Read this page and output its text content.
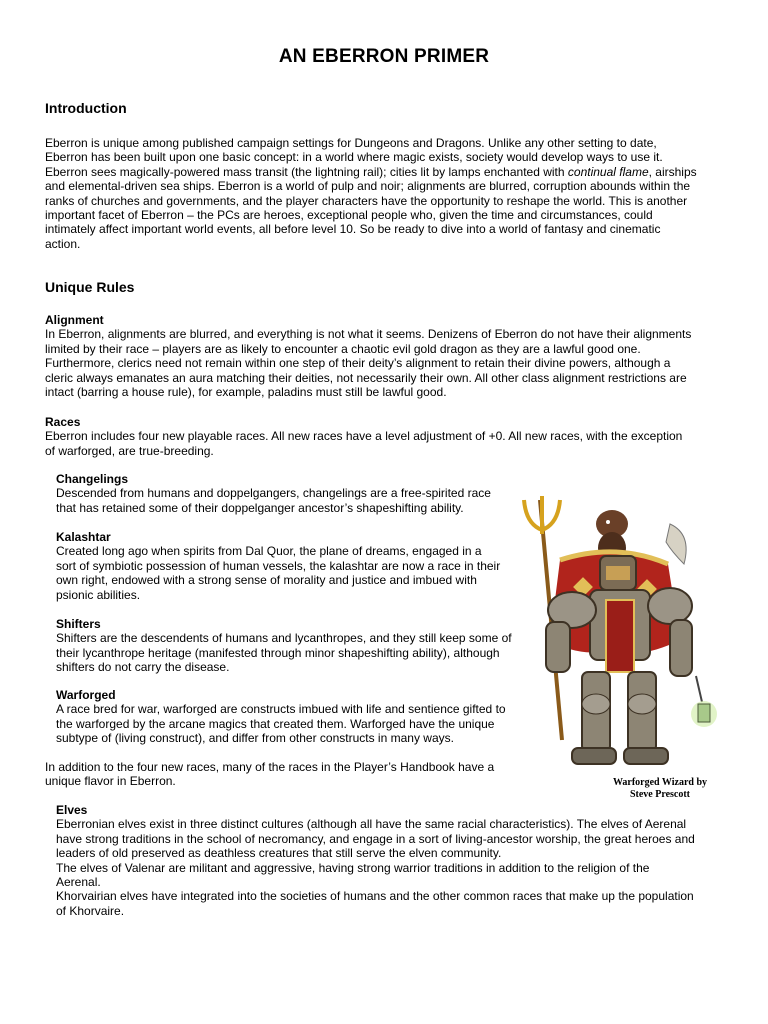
AN EBERRON PRIMER
Introduction
Eberron is unique among published campaign settings for Dungeons and Dragons. Unlike any other setting to date,
Eberron has been built upon one basic concept: in a world where magic exists, society would develop ways to use it.
Eberron sees magically-powered mass transit (the lightning rail); cities lit by lamps enchanted with continual flame, airships
and elemental-driven sea ships. Eberron is a world of pulp and noir; alignments are blurred, corruption abounds within the
ranks of churches and governments, and the player characters have the opportunity to reshape the world. This is another
important facet of Eberron – the PCs are heroes, exceptional people who, given the time and circumstances, could
intimately affect important world events, all before level 10. So be ready to dive into a world of fantasy and cinematic
action.
Unique Rules
Alignment
In Eberron, alignments are blurred, and everything is not what it seems. Denizens of Eberron do not have their alignments
limited by their race – players are as likely to encounter a chaotic evil gold dragon as they are a lawful good one.
Furthermore, clerics need not remain within one step of their deity’s alignment to retain their divine powers, although a
cleric always emanates an aura matching their deities, not necessarily their own. All other class alignment restrictions are
intact (barring a house rule), for example, paladins must still be lawful good.
Races
Eberron includes four new playable races. All new races have a level adjustment of +0. All new races, with the exception
of warforged, are true-breeding.
Changelings
Descended from humans and doppelgangers, changelings are a free-spirited race
that has retained some of their doppelganger ancestor’s shapeshifting ability.
Kalashtar
Created long ago when spirits from Dal Quor, the plane of dreams, engaged in a
sort of symbiotic possession of human vessels, the kalashtar are now a race in their
own right, endowed with a strong sense of morality and justice and imbued with
psionic abilities.
Shifters
Shifters are the descendents of humans and lycanthropes, and they still keep some of
their lycanthrope heritage (manifested through minor shapeshifting ability), although
shifters do not carry the disease.
Warforged
A race bred for war, warforged are constructs imbued with life and sentience gifted to
the warforged by the arcane magics that created them. Warforged have the unique
subtype of (living construct), and differ from other constructs in many ways.
In addition to the four new races, many of the races in the Player’s Handbook have a
unique flavor in Eberron.	Warforged Wizard by
Steve Prescott
Elves
Eberronian elves exist in three distinct cultures (although all have the same racial characteristics). The elves of Aerenal
have strong traditions in the school of necromancy, and engage in a sort of living-ancestor worship, the great heroes and
leaders of old preserved as deathless creatures that still serve the elven community.
The elves of Valenar are militant and aggressive, having strong warrior traditions in addition to the religion of the
Aerenal.
Khorvairian elves have integrated into the societies of humans and the other common races that make up the population
of Khorvaire.
